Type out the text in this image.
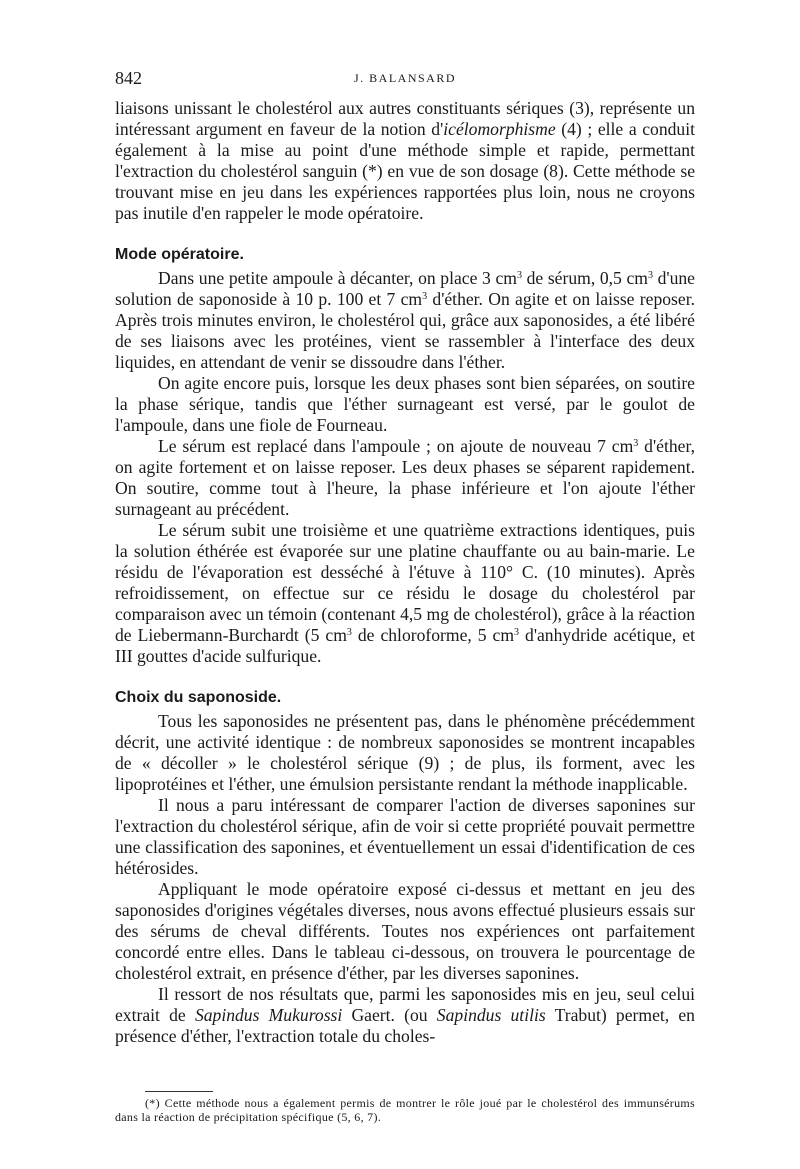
842	J. BALANSARD

liaisons unissant le cholestérol aux autres constituants sériques (3), représente un intéressant argument en faveur de la notion d'icélomorphisme (4) ; elle a conduit également à la mise au point d'une méthode simple et rapide, permettant l'extraction du cholestérol sanguin (*) en vue de son dosage (8). Cette méthode se trouvant mise en jeu dans les expériences rapportées plus loin, nous ne croyons pas inutile d'en rappeler le mode opératoire.

Mode opératoire.

Dans une petite ampoule à décanter, on place 3 $cm^3$ de sérum, 0,5 $cm^3$ d'une solution de saponoside à 10 p. 100 et 7 $cm^3$ d'éther. On agite et on laisse reposer. Après trois minutes environ, le cholestérol qui, grâce aux saponosides, a été libéré de ses liaisons avec les protéines, vient se rassembler à l'interface des deux liquides, en attendant de venir se dissoudre dans l'éther.

On agite encore puis, lorsque les deux phases sont bien séparées, on soutire la phase sérique, tandis que l'éther surnageant est versé, par le goulot de l'ampoule, dans une fiole de Fourneau.

Le sérum est replacé dans l'ampoule ; on ajoute de nouveau 7 $cm^3$ d'éther, on agite fortement et on laisse reposer. Les deux phases se séparent rapidement. On soutire, comme tout à l'heure, la phase inférieure et l'on ajoute l'éther surnageant au précédent.

Le sérum subit une troisième et une quatrième extractions identiques, puis la solution éthérée est évaporée sur une platine chauffante ou au bain-marie. Le résidu de l'évaporation est desséché à l'étuve à 110° C. (10 minutes). Après refroidissement, on effectue sur ce résidu le dosage du cholestérol par comparaison avec un témoin (contenant 4,5 mg de cholestérol), grâce à la réaction de Liebermann-Burchardt (5 $cm^3$ de chloroforme, 5 $cm^3$ d'anhydride acétique, et III gouttes d'acide sulfurique.

Choix du saponoside.

Tous les saponosides ne présentent pas, dans le phénomène précédemment décrit, une activité identique : de nombreux saponosides se montrent incapables de « décoller » le cholestérol sérique (9) ; de plus, ils forment, avec les lipoprotéines et l'éther, une émulsion persistante rendant la méthode inapplicable.

Il nous a paru intéressant de comparer l'action de diverses saponines sur l'extraction du cholestérol sérique, afin de voir si cette propriété pouvait permettre une classification des saponines, et éventuellement un essai d'identification de ces hétérosides.

Appliquant le mode opératoire exposé ci-dessus et mettant en jeu des saponosides d'origines végétales diverses, nous avons effectué plusieurs essais sur des sérums de cheval différents. Toutes nos expériences ont parfaitement concordé entre elles. Dans le tableau ci-dessous, on trouvera le pourcentage de cholestérol extrait, en présence d'éther, par les diverses saponines.

Il ressort de nos résultats que, parmi les saponosides mis en jeu, seul celui extrait de Sapindus Mukurossi Gaert. (ou Sapindus utilis Trabut) permet, en présence d'éther, l'extraction totale du choles-

(*) Cette méthode nous a également permis de montrer le rôle joué par le cholestérol des immunsérums dans la réaction de précipitation spécifique (5, 6, 7).
